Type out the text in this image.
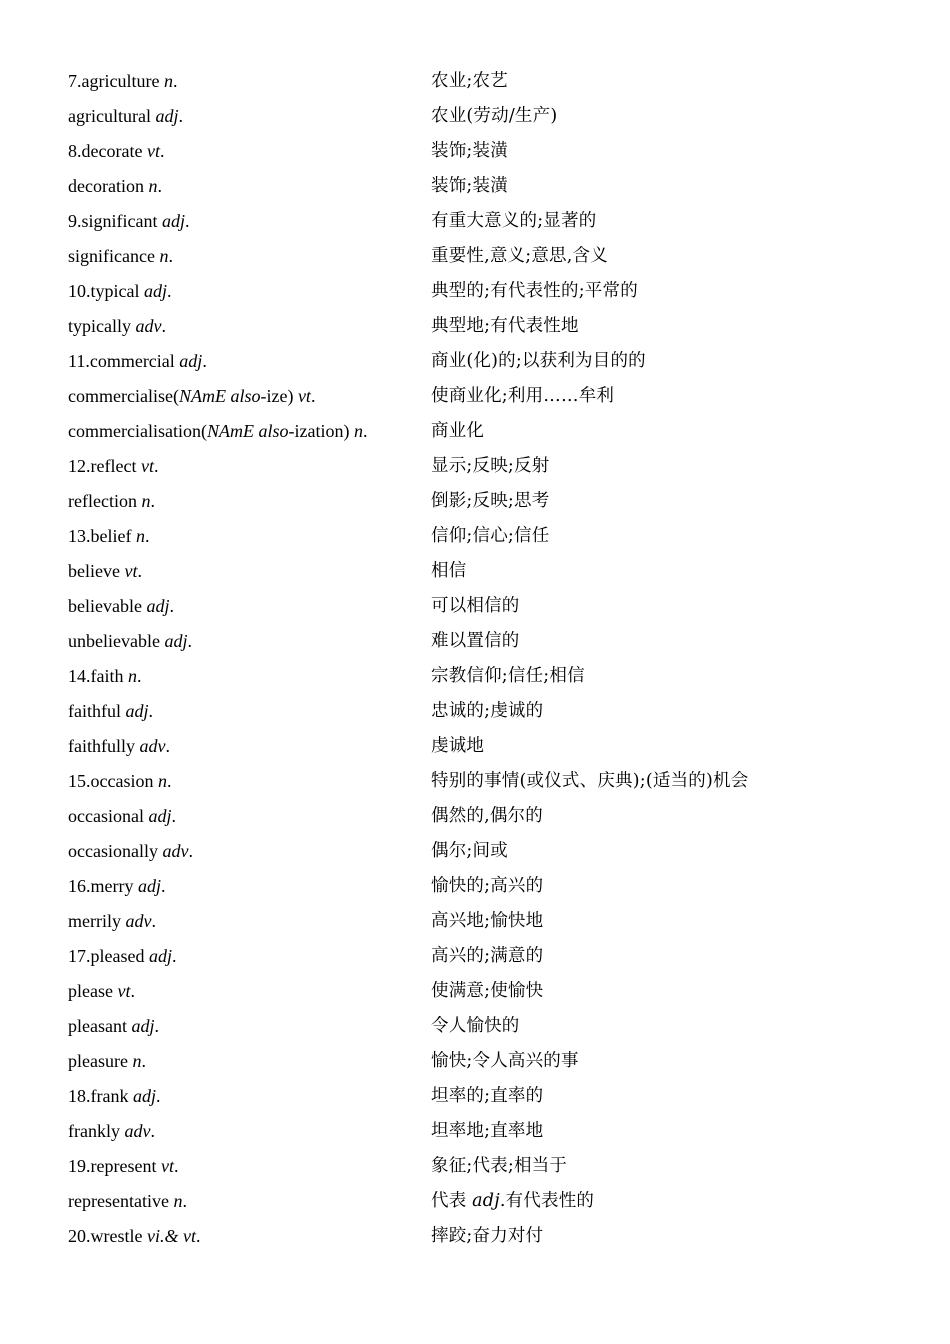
7.agriculture n.	农业;农艺
agricultural adj.	农业(劳动/生产)
8.decorate vt.	装饰;装潢
decoration n.	装饰;装潢
9.significant adj.	有重大意义的;显著的
significance n.	重要性,意义;意思,含义
10.typical adj.	典型的;有代表性的;平常的
typically adv.	典型地;有代表性地
11.commercial adj.	商业(化)的;以获利为目的的
commercialise(NAmE also-ize) vt.	使商业化;利用……牟利
commercialisation(NAmE also-ization) n.	商业化
12.reflect vt.	显示;反映;反射
reflection n.	倒影;反映;思考
13.belief n.	信仰;信心;信任
believe vt.	相信
believable adj.	可以相信的
unbelievable adj.	难以置信的
14.faith n.	宗教信仰;信任;相信
faithful adj.	忠诚的;虔诚的
faithfully adv.	虔诚地
15.occasion n.	特别的事情(或仪式、庆典);(适当的)机会
occasional adj.	偶然的,偶尔的
occasionally adv.	偶尔;间或
16.merry adj.	愉快的;高兴的
merrily adv.	高兴地;愉快地
17.pleased adj.	高兴的;满意的
please vt.	使满意;使愉快
pleasant adj.	令人愉快的
pleasure n.	愉快;令人高兴的事
18.frank adj.	坦率的;直率的
frankly adv.	坦率地;直率地
19.represent vt.	象征;代表;相当于
representative n.	代表 adj.有代表性的
20.wrestle vi.& vt.	摔跤;奋力对付
